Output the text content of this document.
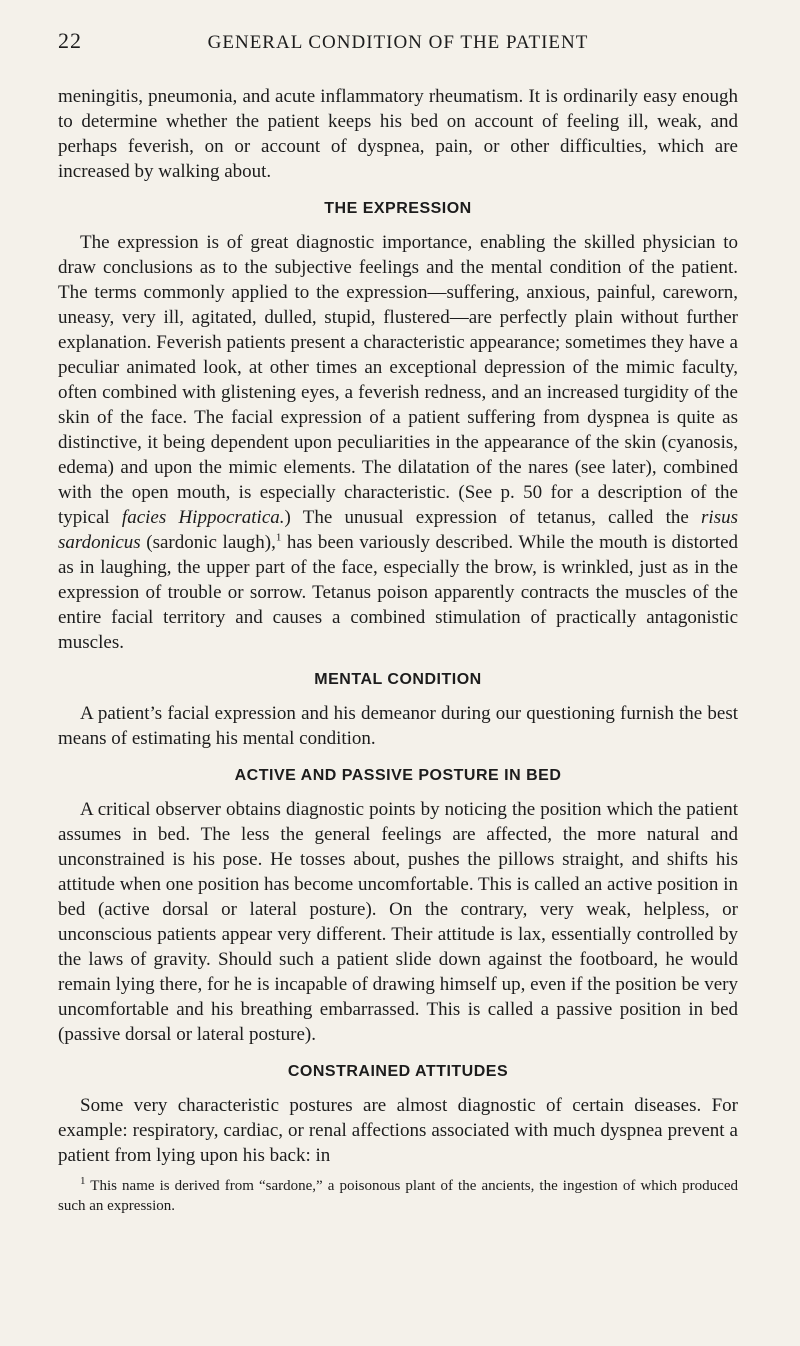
22	GENERAL CONDITION OF THE PATIENT

meningitis, pneumonia, and acute inflammatory rheumatism. It is ordinarily easy enough to determine whether the patient keeps his bed on account of feeling ill, weak, and perhaps feverish, on or account of dyspnea, pain, or other difficulties, which are increased by walking about.

THE EXPRESSION

The expression is of great diagnostic importance, enabling the skilled physician to draw conclusions as to the subjective feelings and the mental condition of the patient. The terms commonly applied to the expression—suffering, anxious, painful, careworn, uneasy, very ill, agitated, dulled, stupid, flustered—are perfectly plain without further explanation. Feverish patients present a characteristic appearance; sometimes they have a peculiar animated look, at other times an exceptional depression of the mimic faculty, often combined with glistening eyes, a feverish redness, and an increased turgidity of the skin of the face. The facial expression of a patient suffering from dyspnea is quite as distinctive, it being dependent upon peculiarities in the appearance of the skin (cyanosis, edema) and upon the mimic elements. The dilatation of the nares (see later), combined with the open mouth, is especially characteristic. (See p. 50 for a description of the typical facies Hippocratica.) The unusual expression of tetanus, called the risus sardonicus (sardonic laugh),$^1$ has been variously described. While the mouth is distorted as in laughing, the upper part of the face, especially the brow, is wrinkled, just as in the expression of trouble or sorrow. Tetanus poison apparently contracts the muscles of the entire facial territory and causes a combined stimulation of practically antagonistic muscles.

MENTAL CONDITION

A patient’s facial expression and his demeanor during our questioning furnish the best means of estimating his mental condition.

ACTIVE AND PASSIVE POSTURE IN BED

A critical observer obtains diagnostic points by noticing the position which the patient assumes in bed. The less the general feelings are affected, the more natural and unconstrained is his pose. He tosses about, pushes the pillows straight, and shifts his attitude when one position has become uncomfortable. This is called an active position in bed (active dorsal or lateral posture). On the contrary, very weak, helpless, or unconscious patients appear very different. Their attitude is lax, essentially controlled by the laws of gravity. Should such a patient slide down against the footboard, he would remain lying there, for he is incapable of drawing himself up, even if the position be very uncomfortable and his breathing embarrassed. This is called a passive position in bed (passive dorsal or lateral posture).

CONSTRAINED ATTITUDES

Some very characteristic postures are almost diagnostic of certain diseases. For example: respiratory, cardiac, or renal affections associated with much dyspnea prevent a patient from lying upon his back: in

$^1$ This name is derived from “sardone,” a poisonous plant of the ancients, the ingestion of which produced such an expression.
